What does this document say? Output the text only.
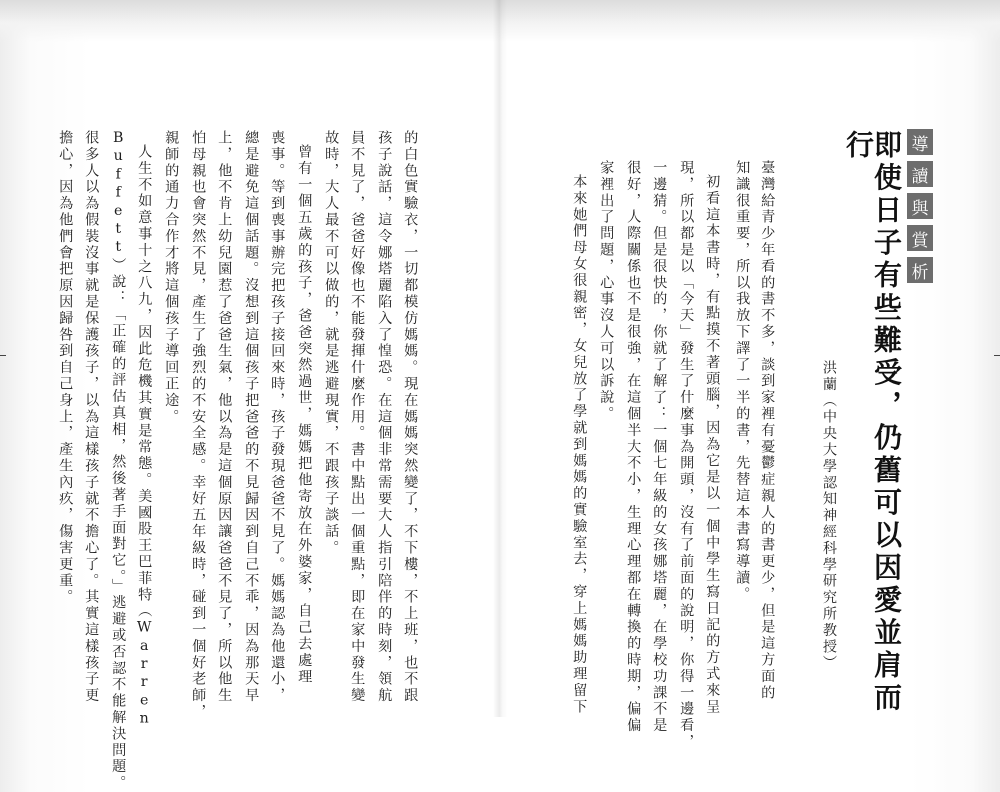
導
讀
與
賞
析
即使日子有些難受，仍舊可以因愛並肩而行
洪蘭（中央大學認知神經科學研究所教授）
臺灣給青少年看的書不多，談到家裡有憂鬱症親人的書更少，但是這方面的
知識很重要，所以我放下譯了一半的書，先替這本書寫導讀。
初看這本書時，有點摸不著頭腦，因為它是以一個中學生寫日記的方式來呈
現，所以都是以「今天」發生了什麼事為開頭，沒有了前面的說明，你得一邊看，
一邊猜。但是很快的，你就了解了：一個七年級的女孩娜塔麗，在學校功課不是
很好，人際關係也不是很強，在這個半大不小，生理心理都在轉換的時期，偏偏
家裡出了問題，心事沒人可以訴說。
本來她們母女很親密，女兒放了學就到媽媽的實驗室去，穿上媽媽助理留下
的白色實驗衣，一切都模仿媽媽。現在媽媽突然變了，不下樓，不上班，也不跟
孩子說話，這令娜塔麗陷入了惶恐。在這個非常需要大人指引陪伴的時刻，領航
員不見了，爸爸好像也不能發揮什麼作用。書中點出一個重點，即在家中發生變
故時，大人最不可以做的，就是逃避現實，不跟孩子談話。
曾有一個五歲的孩子，爸爸突然過世，媽媽把他寄放在外婆家，自己去處理
喪事。等到喪事辦完把孩子接回來時，孩子發現爸爸不見了。媽媽認為他還小，
總是避免這個話題。沒想到這個孩子把爸爸的不見歸因到自己不乖，因為那天早
上，他不肯上幼兒園惹了爸爸生氣，他以為是這個原因讓爸爸不見了，所以他生
怕母親也會突然不見，產生了強烈的不安全感。幸好五年級時，碰到一個好老師，
親師的通力合作才將這個孩子導回正途。
人生不如意事十之八九，因此危機其實是常態。美國股王巴菲特（Warren
Buffett）說：「正確的評估真相，然後著手面對它。」逃避或否認不能解決問題。
很多人以為假裝沒事就是保護孩子，以為這樣孩子就不擔心了。其實這樣孩子更
擔心，因為他們會把原因歸咎到自己身上，產生內疚，傷害更重。
